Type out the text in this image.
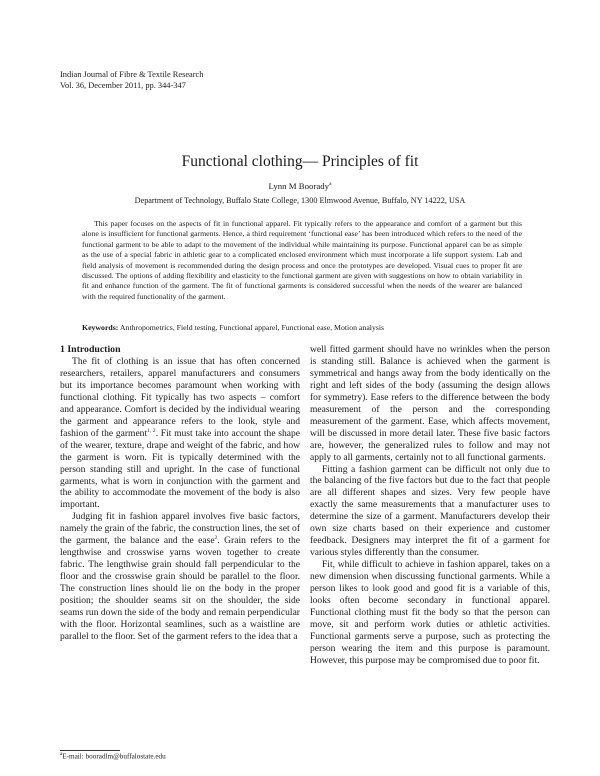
Indian Journal of Fibre & Textile Research
Vol. 36, December 2011, pp. 344-347
Functional clothing— Principles of fit
Lynn M Boorady$^a$
Department of Technology, Buffalo State College, 1300 Elmwood Avenue, Buffalo, NY 14222, USA
This paper focuses on the aspects of fit in functional apparel. Fit typically refers to the appearance and comfort of a garment but this alone is insufficient for functional garments. Hence, a third requirement ‘functional ease’ has been introduced which refers to the need of the functional garment to be able to adapt to the movement of the individual while maintaining its purpose. Functional apparel can be as simple as the use of a special fabric in athletic gear to a complicated enclosed environment which must incorporate a life support system. Lab and field analysis of movement is recommended during the design process and once the prototypes are developed. Visual cues to proper fit are discussed. The options of adding flexibility and elasticity to the functional garment are given with suggestions on how to obtain variability in fit and enhance function of the garment. The fit of functional garments is considered successful when the needs of the wearer are balanced with the required functionality of the garment.
Keywords: Anthropometrics, Field testing, Functional apparel, Functional ease, Motion analysis
1 Introduction

The fit of clothing is an issue that has often concerned researchers, retailers, apparel manufacturers and consumers but its importance becomes paramount when working with functional clothing. Fit typically has two aspects – comfort and appearance. Comfort is decided by the individual wearing the garment and appearance refers to the look, style and fashion of the garment$^{1, 2}$. Fit must take into account the shape of the wearer, texture, drape and weight of the fabric, and how the garment is worn. Fit is typically determined with the person standing still and upright. In the case of functional garments, what is worn in conjunction with the garment and the ability to accommodate the movement of the body is also important.

Judging fit in fashion apparel involves five basic factors, namely the grain of the fabric, the construction lines, the set of the garment, the balance and the ease$^2$. Grain refers to the lengthwise and crosswise yarns woven together to create fabric. The lengthwise grain should fall perpendicular to the floor and the crosswise grain should be parallel to the floor. The construction lines should lie on the body in the proper position; the shoulder seams sit on the shoulder, the side seams run down the side of the body and remain perpendicular with the floor. Horizontal seamlines, such as a waistline are parallel to the floor. Set of the garment refers to the idea that a

well fitted garment should have no wrinkles when the person is standing still. Balance is achieved when the garment is symmetrical and hangs away from the body identically on the right and left sides of the body (assuming the design allows for symmetry). Ease refers to the difference between the body measurement of the person and the corresponding measurement of the garment. Ease, which affects movement, will be discussed in more detail later. These five basic factors are, however, the generalized rules to follow and may not apply to all garments, certainly not to all functional garments.

Fitting a fashion garment can be difficult not only due to the balancing of the five factors but due to the fact that people are all different shapes and sizes. Very few people have exactly the same measurements that a manufacturer uses to determine the size of a garment. Manufacturers develop their own size charts based on their experience and customer feedback. Designers may interpret the fit of a garment for various styles differently than the consumer.

Fit, while difficult to achieve in fashion apparel, takes on a new dimension when discussing functional garments. While a person likes to look good and good fit is a variable of this, looks often become secondary in functional apparel. Functional clothing must fit the body so that the person can move, sit and perform work duties or athletic activities. Functional garments serve a purpose, such as protecting the person wearing the item and this purpose is paramount. However, this purpose may be compromised due to poor fit.

$^a$E-mail: booradlm@buffalostate.edu
